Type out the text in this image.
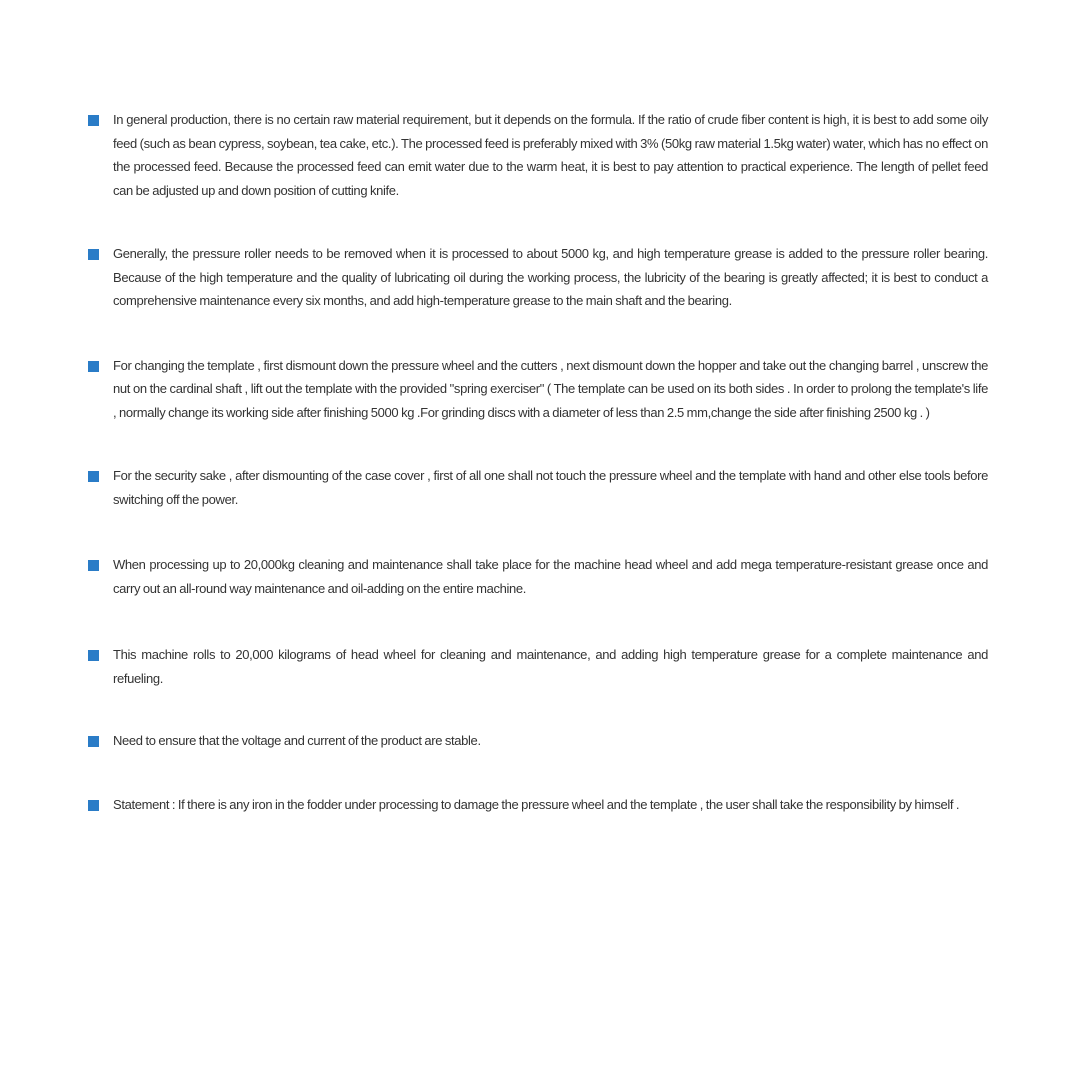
In general production, there is no certain raw material requirement, but it depends on the formula. If the ratio of crude fiber content is high, it is best to add some oily feed (such as bean cypress, soybean, tea cake, etc.). The processed feed is preferably mixed with 3% (50kg raw material 1.5kg water) water, which has no effect on the processed feed. Because the processed feed can emit water due to the warm heat, it is best to pay attention to practical experience. The length of pellet feed can be adjusted up and down position of cutting knife.
Generally, the pressure roller needs to be removed when it is processed to about 5000 kg, and high temperature grease is added to the pressure roller bearing. Because of the high temperature and the quality of lubricating oil during the working process, the lubricity of the bearing is greatly affected; it is best to conduct a comprehensive maintenance every six months, and add high-temperature grease to the main shaft and the bearing.
For changing the template , first dismount down the pressure wheel and the cutters , next dismount down the hopper and take out the changing barrel , unscrew the nut on the cardinal shaft , lift out the template with the provided "spring exerciser" ( The template can be used on its both sides . In order to prolong the template's life , normally change its working side after finishing 5000 kg .For grinding discs with a diameter of less than 2.5 mm,change the side after finishing 2500 kg . )
For the security sake , after dismounting of the case cover , first of all one shall not touch the pressure wheel and the template with hand and other else tools before switching off the power.
When processing up to 20,000kg cleaning and maintenance shall take place for the machine head wheel and add mega temperature-resistant grease once and carry out an all-round way maintenance and oil-adding on the entire machine.
This machine rolls to 20,000 kilograms of head wheel for cleaning and maintenance, and adding high temperature grease for a complete maintenance and refueling.
Need to ensure that the voltage and current of the product are stable.
Statement : If there is any iron in the fodder under processing to damage the pressure wheel and the template , the user shall take the responsibility by himself .
